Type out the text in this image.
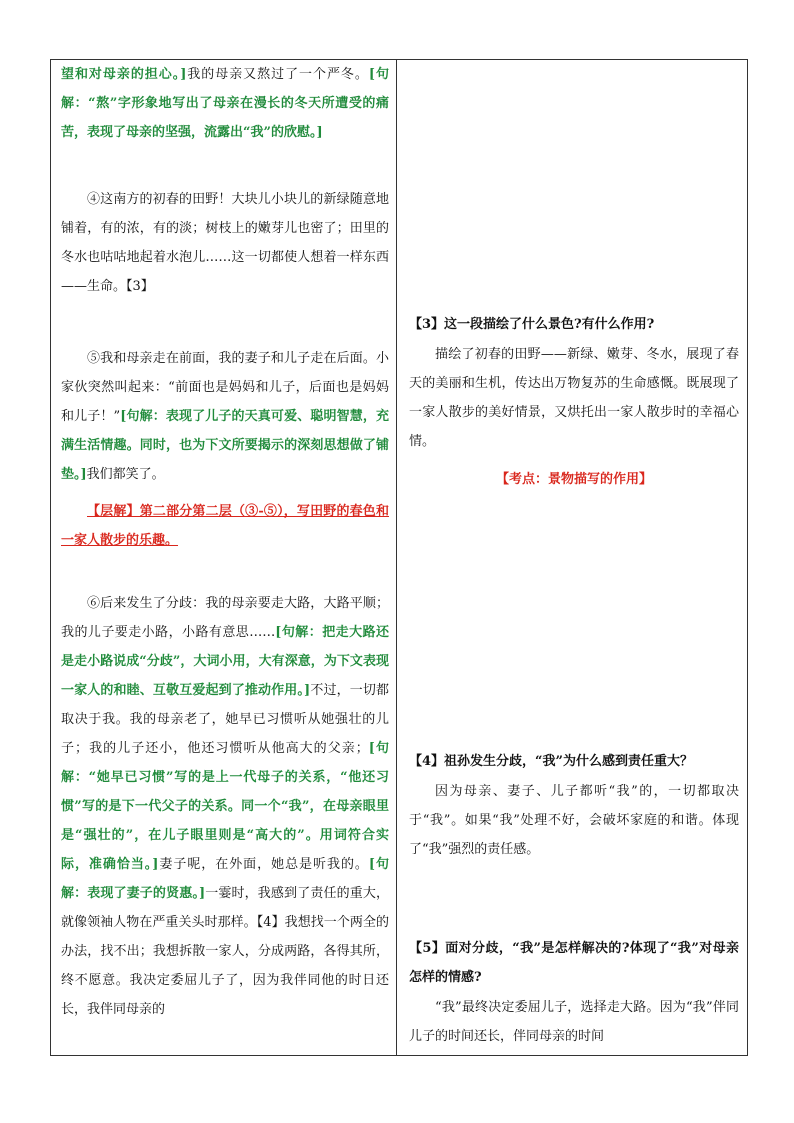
望和对母亲的担心。]我的母亲又熬过了一个严冬。[句解：“熬”字形象地写出了母亲在漫长的冬天所遭受的痛苦，表现了母亲的坚强，流露出“我”的欣慰。]

④这南方的初春的田野！大块儿小块儿的新绿随意地铺着，有的浓，有的淡；树枝上的嫩芽儿也密了；田里的冬水也咕咕地起着水泡儿……这一切都使人想着一样东西——生命。【3】

⑤我和母亲走在前面，我的妻子和儿子走在后面。小家伙突然叫起来：“前面也是妈妈和儿子，后面也是妈妈和儿子！”[句解：表现了儿子的天真可爱、聪明智慧，充满生活情趣。同时，也为下文所要揭示的深刻思想做了铺垫。]我们都笑了。

【层解】第二部分第二层（③-⑤），写田野的春色和一家人散步的乐趣。

⑥后来发生了分歧：我的母亲要走大路，大路平顺；我的儿子要走小路，小路有意思……[句解：把走大路还是走小路说成“分歧”，大词小用，大有深意，为下文表现一家人的和睦、互敬互爱起到了推动作用。]不过，一切都取决于我。我的母亲老了，她早已习惯听从她强壮的儿子；我的儿子还小，他还习惯听从他高大的父亲；[句解：“她早已习惯”写的是上一代母子的关系，“他还习惯”写的是下一代父子的关系。同一个“我”，在母亲眼里是“强壮的”，在儿子眼里则是“高大的”。用词符合实际，准确恰当。]妻子呢，在外面，她总是听我的。[句解：表现了妻子的贤惠。]一霎时，我感到了责任的重大，就像领袖人物在严重关头时那样。【4】我想找一个两全的办法，找不出；我想拆散一家人，分成两路，各得其所，终不愿意。我决定委屈儿子了，因为我伴同他的时日还长，我伴同母亲的

【3】这一段描绘了什么景色?有什么作用?

描绘了初春的田野——新绿、嫩芽、冬水，展现了春天的美丽和生机，传达出万物复苏的生命感慨。既展现了一家人散步的美好情景，又烘托出一家人散步时的幸福心情。

【考点：景物描写的作用】

【4】祖孙发生分歧，“我”为什么感到责任重大？

因为母亲、妻子、儿子都听“我”的，一切都取决于“我”。如果“我”处理不好，会破坏家庭的和谐。体现了“我”强烈的责任感。

【5】面对分歧，“我”是怎样解决的?体现了“我”对母亲怎样的情感?

“我”最终决定委屈儿子，选择走大路。因为“我”伴同儿子的时间还长，伴同母亲的时间
